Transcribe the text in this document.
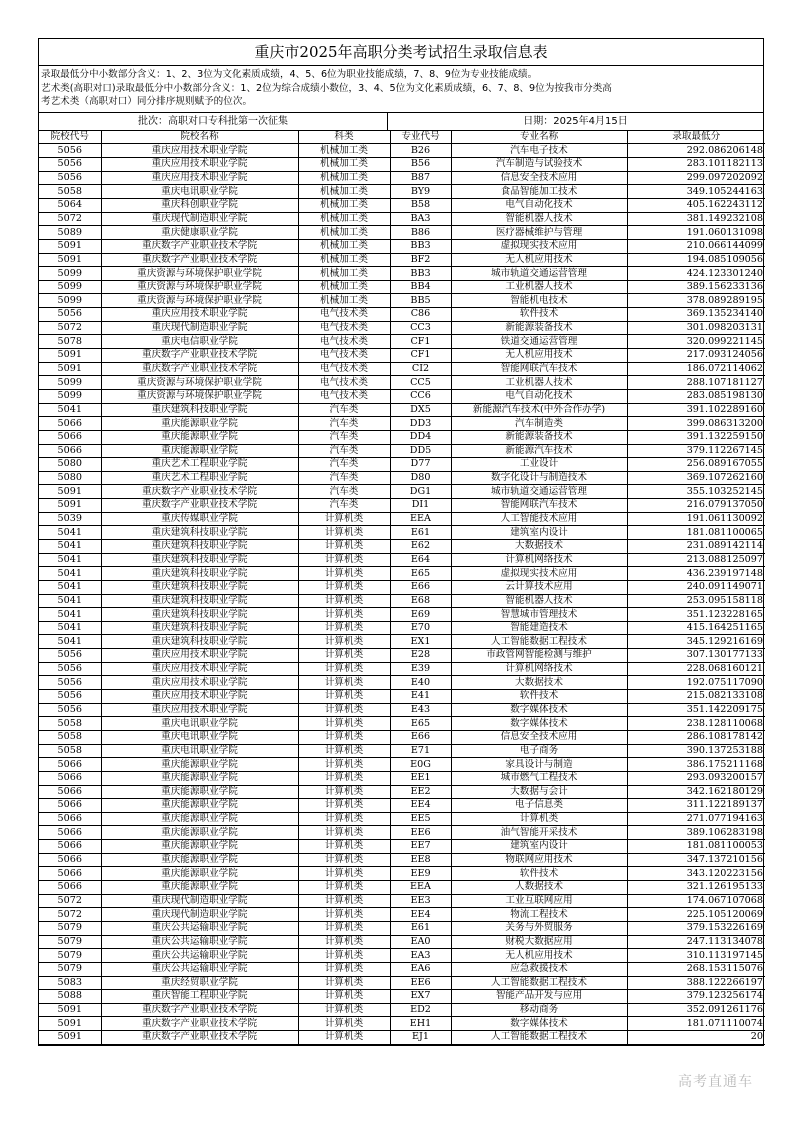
重庆市2025年高职分类考试招生录取信息表

录取最低分中小数部分含义：1、2、3位为文化素质成绩，4、5、6位为职业技能成绩，7、8、9位为专业技能成绩。

艺术类(高职对口)录取最低分中小数部分含义：1、2位为综合成绩小数位，3、4、5位为文化素质成绩，6、7、8、9位为按我市分类高

考艺术类（高职对口）同分排序规则赋予的位次。

批次：高职对口专科批第一次征集	日期：2025年4月15日
院校代号	院校名称	科类	专业代号	专业名称	录取最低分
5056	重庆应用技术职业学院	机械加工类	B26	汽车电子技术	292.086206148
5056	重庆应用技术职业学院	机械加工类	B56	汽车制造与试验技术	283.101182113
5056	重庆应用技术职业学院	机械加工类	B87	信息安全技术应用	299.097202092
5058	重庆电讯职业学院	机械加工类	BY9	食品智能加工技术	349.105244163
5064	重庆科创职业学院	机械加工类	B58	电气自动化技术	405.162243112
5072	重庆现代制造职业学院	机械加工类	BA3	智能机器人技术	381.149232108
5089	重庆健康职业学院	机械加工类	B86	医疗器械维护与管理	191.060131098
5091	重庆数字产业职业技术学院	机械加工类	BB3	虚拟现实技术应用	210.066144099
5091	重庆数字产业职业技术学院	机械加工类	BF2	无人机应用技术	194.085109056
5099	重庆资源与环境保护职业学院	机械加工类	BB3	城市轨道交通运营管理	424.123301240
5099	重庆资源与环境保护职业学院	机械加工类	BB4	工业机器人技术	389.156233136
5099	重庆资源与环境保护职业学院	机械加工类	BB5	智能机电技术	378.089289195
5056	重庆应用技术职业学院	电气技术类	C86	软件技术	369.135234140
5072	重庆现代制造职业学院	电气技术类	CC3	新能源装备技术	301.098203131
5078	重庆电信职业学院	电气技术类	CF1	铁道交通运营管理	320.099221145
5091	重庆数字产业职业技术学院	电气技术类	CF1	无人机应用技术	217.093124056
5091	重庆数字产业职业技术学院	电气技术类	CI2	智能网联汽车技术	186.072114062
5099	重庆资源与环境保护职业学院	电气技术类	CC5	工业机器人技术	288.107181127
5099	重庆资源与环境保护职业学院	电气技术类	CC6	电气自动化技术	283.085198130
5041	重庆建筑科技职业学院	汽车类	DX5	新能源汽车技术(中外合作办学)	391.102289160
5066	重庆能源职业学院	汽车类	DD3	汽车制造类	399.086313200
5066	重庆能源职业学院	汽车类	DD4	新能源装备技术	391.132259150
5066	重庆能源职业学院	汽车类	DD5	新能源汽车技术	379.112267145
5080	重庆艺术工程职业学院	汽车类	D77	工业设计	256.089167055
5080	重庆艺术工程职业学院	汽车类	D80	数字化设计与制造技术	369.107262160
5091	重庆数字产业职业技术学院	汽车类	DG1	城市轨道交通运营管理	355.103252145
5091	重庆数字产业职业技术学院	汽车类	DI1	智能网联汽车技术	216.079137050
5039	重庆传媒职业学院	计算机类	EEA	人工智能技术应用	191.061130092
5041	重庆建筑科技职业学院	计算机类	E61	建筑室内设计	181.081100065
5041	重庆建筑科技职业学院	计算机类	E62	大数据技术	231.089142114
5041	重庆建筑科技职业学院	计算机类	E64	计算机网络技术	213.088125097
5041	重庆建筑科技职业学院	计算机类	E65	虚拟现实技术应用	436.239197148
5041	重庆建筑科技职业学院	计算机类	E66	云计算技术应用	240.091149071
5041	重庆建筑科技职业学院	计算机类	E68	智能机器人技术	253.095158118
5041	重庆建筑科技职业学院	计算机类	E69	智慧城市管理技术	351.123228165
5041	重庆建筑科技职业学院	计算机类	E70	智能建造技术	415.164251165
5041	重庆建筑科技职业学院	计算机类	EX1	人工智能数据工程技术	345.129216169
5056	重庆应用技术职业学院	计算机类	E28	市政管网智能检测与维护	307.130177133
5056	重庆应用技术职业学院	计算机类	E39	计算机网络技术	228.068160121
5056	重庆应用技术职业学院	计算机类	E40	大数据技术	192.075117090
5056	重庆应用技术职业学院	计算机类	E41	软件技术	215.082133108
5056	重庆应用技术职业学院	计算机类	E43	数字媒体技术	351.142209175
5058	重庆电讯职业学院	计算机类	E65	数字媒体技术	238.128110068
5058	重庆电讯职业学院	计算机类	E66	信息安全技术应用	286.108178142
5058	重庆电讯职业学院	计算机类	E71	电子商务	390.137253188
5066	重庆能源职业学院	计算机类	E0G	家具设计与制造	386.175211168
5066	重庆能源职业学院	计算机类	EE1	城市燃气工程技术	293.093200157
5066	重庆能源职业学院	计算机类	EE2	大数据与会计	342.162180129
5066	重庆能源职业学院	计算机类	EE4	电子信息类	311.122189137
5066	重庆能源职业学院	计算机类	EE5	计算机类	271.077194163
5066	重庆能源职业学院	计算机类	EE6	油气智能开采技术	389.106283198
5066	重庆能源职业学院	计算机类	EE7	建筑室内设计	181.081100053
5066	重庆能源职业学院	计算机类	EE8	物联网应用技术	347.137210156
5066	重庆能源职业学院	计算机类	EE9	软件技术	343.120223156
5066	重庆能源职业学院	计算机类	EEA	人数据技术	321.126195133
5072	重庆现代制造职业学院	计算机类	EE3	工业互联网应用	174.067107068
5072	重庆现代制造职业学院	计算机类	EE4	物流工程技术	225.105120069
5079	重庆公共运输职业学院	计算机类	E61	关务与外贸服务	379.153226169
5079	重庆公共运输职业学院	计算机类	EA0	财税大数据应用	247.113134078
5079	重庆公共运输职业学院	计算机类	EA3	无人机应用技术	310.113197145
5079	重庆公共运输职业学院	计算机类	EA6	应急救援技术	268.153115076
5083	重庆经贸职业学院	计算机类	EE6	人工智能数据工程技术	388.122266197
5088	重庆智能工程职业学院	计算机类	EX7	智能产品开发与应用	379.123256174
5091	重庆数字产业职业技术学院	计算机类	ED2	移动商务	352.091261176
5091	重庆数字产业职业技术学院	计算机类	EH1	数字媒体技术	181.071110074
5091	重庆数字产业职业技术学院	计算机类	EJ1	人工智能数据工程技术	20
高考直通车
